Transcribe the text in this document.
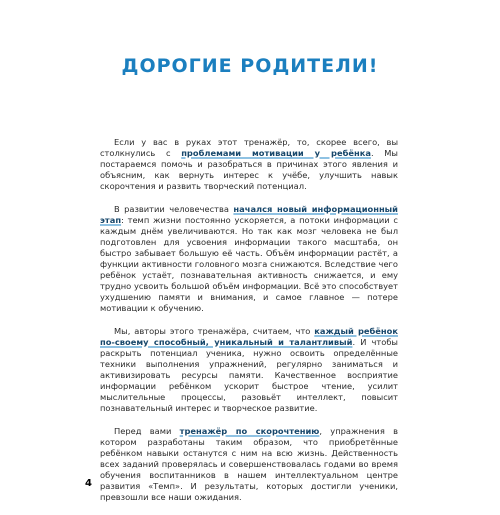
ДОРОГИЕ РОДИТЕЛИ!

Если у вас в руках этот тренажёр, то, скорее всего, вы столкнулись с проблемами мотивации у ребёнка. Мы постараемся помочь и разобраться в причинах этого явления и объясним, как вернуть интерес к учёбе, улучшить навык скорочтения и развить творческий потенциал.

В развитии человечества начался новый информационный этап: темп жизни постоянно ускоряется, а потоки информации с каждым днём увеличиваются. Но так как мозг человека не был подготовлен для усвоения информации такого масштаба, он быстро забывает большую её часть. Объём информации растёт, а функции активности головного мозга снижаются. Вследствие чего ребёнок устаёт, познавательная активность снижается, и ему трудно усвоить большой объём информации. Всё это способствует ухудшению памяти и внимания, и самое главное — потере мотивации к обучению.

Мы, авторы этого тренажёра, считаем, что каждый ребёнок по-своему способный, уникальный и талантливый. И чтобы раскрыть потенциал ученика, нужно освоить определённые техники выполнения упражнений, регулярно заниматься и активизировать ресурсы памяти. Качественное восприятие информации ребёнком ускорит быстрое чтение, усилит мыслительные процессы, разовьёт интеллект, повысит познавательный интерес и творческое развитие.

Перед вами тренажёр по скорочтению, упражнения в котором разработаны таким образом, что приобретённые ребёнком навыки останутся с ним на всю жизнь. Действенность всех заданий проверялась и совершенствовалась годами во время обучения воспитанников в нашем интеллектуальном центре развития «Темп». И результаты, которых достигли ученики, превзошли все наши ожидания.

4
